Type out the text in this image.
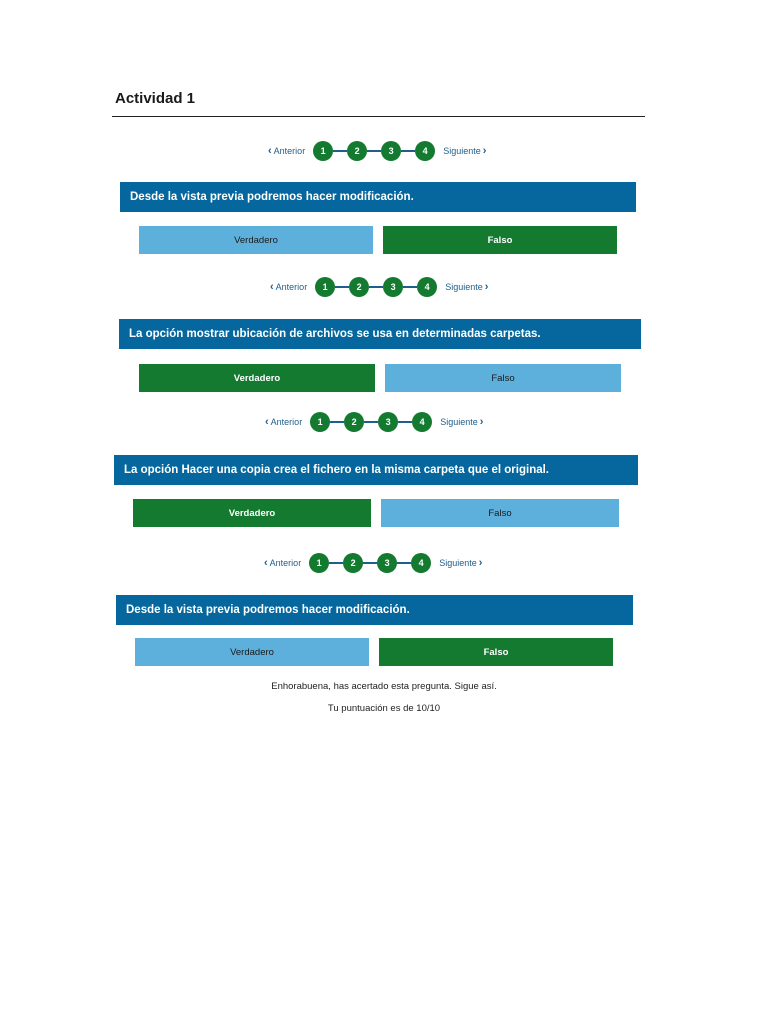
Actividad 1
‹ Anterior	1	2	3	4	Siguiente ›
Desde la vista previa podremos hacer modificación.
Verdadero	Falso
‹ Anterior	1	2	3	4	Siguiente ›
La opción mostrar ubicación de archivos se usa en determinadas carpetas.
Verdadero	Falso
‹ Anterior	1	2	3	4	Siguiente ›
La opción Hacer una copia crea el fichero en la misma carpeta que el original.
Verdadero	Falso
‹ Anterior	1	2	3	4	Siguiente ›
Desde la vista previa podremos hacer modificación.
Verdadero	Falso
Enhorabuena, has acertado esta pregunta. Sigue así.
Tu puntuación es de 10/10
